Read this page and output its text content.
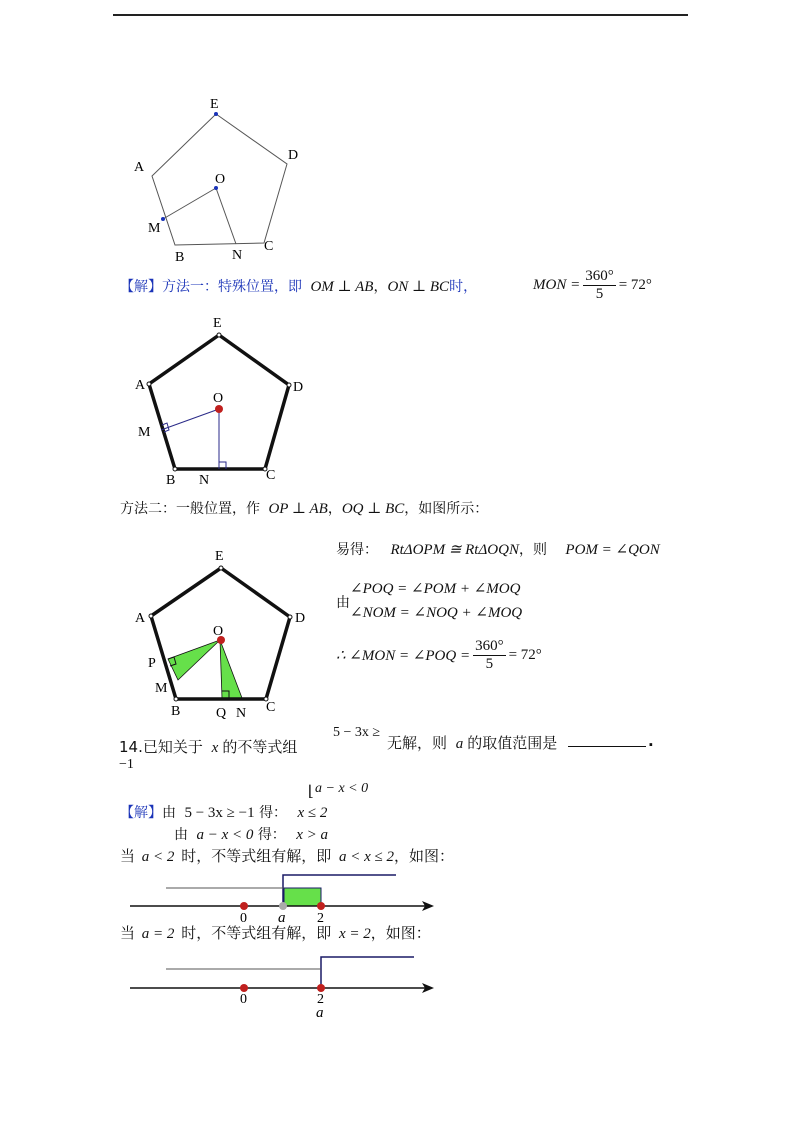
E
A
D
O
M
B	N
C
【解】方法一：特殊位置，即 OM ⊥ AB，ON ⊥ BC时，	MON = $\frac{360^\circ}{5} = 72^\circ$
E
A	D
O
M
B N	C
方法二：一般位置，作 OP ⊥ AB，OQ ⊥ BC，如图所示：
E
A	D
O
P
M
B	Q N C
易得： RtΔOPM ≅ RtΔOQN，则 POM = ∠QON
∠POQ = ∠POM + ∠MOQ
由
∠NOM = ∠NOQ + ∠MOQ
∴ ∠MON = ∠POQ = $\frac{360^\circ}{5} = 72^\circ$
5 − 3x ≥
14.已知关于 x 的不等式组	无解，则 a 的取值范围是	.
−1
⌊ a − x < 0
【解】由 5 − 3x ≥ −1 得： x ≤ 2
由 a − x < 0 得： x > a
当 a < 2 时，不等式组有解，即 a < x ≤ 2，如图：
0 a 2
当 a = 2 时，不等式组有解，即 x = 2，如图：
0	2
a
